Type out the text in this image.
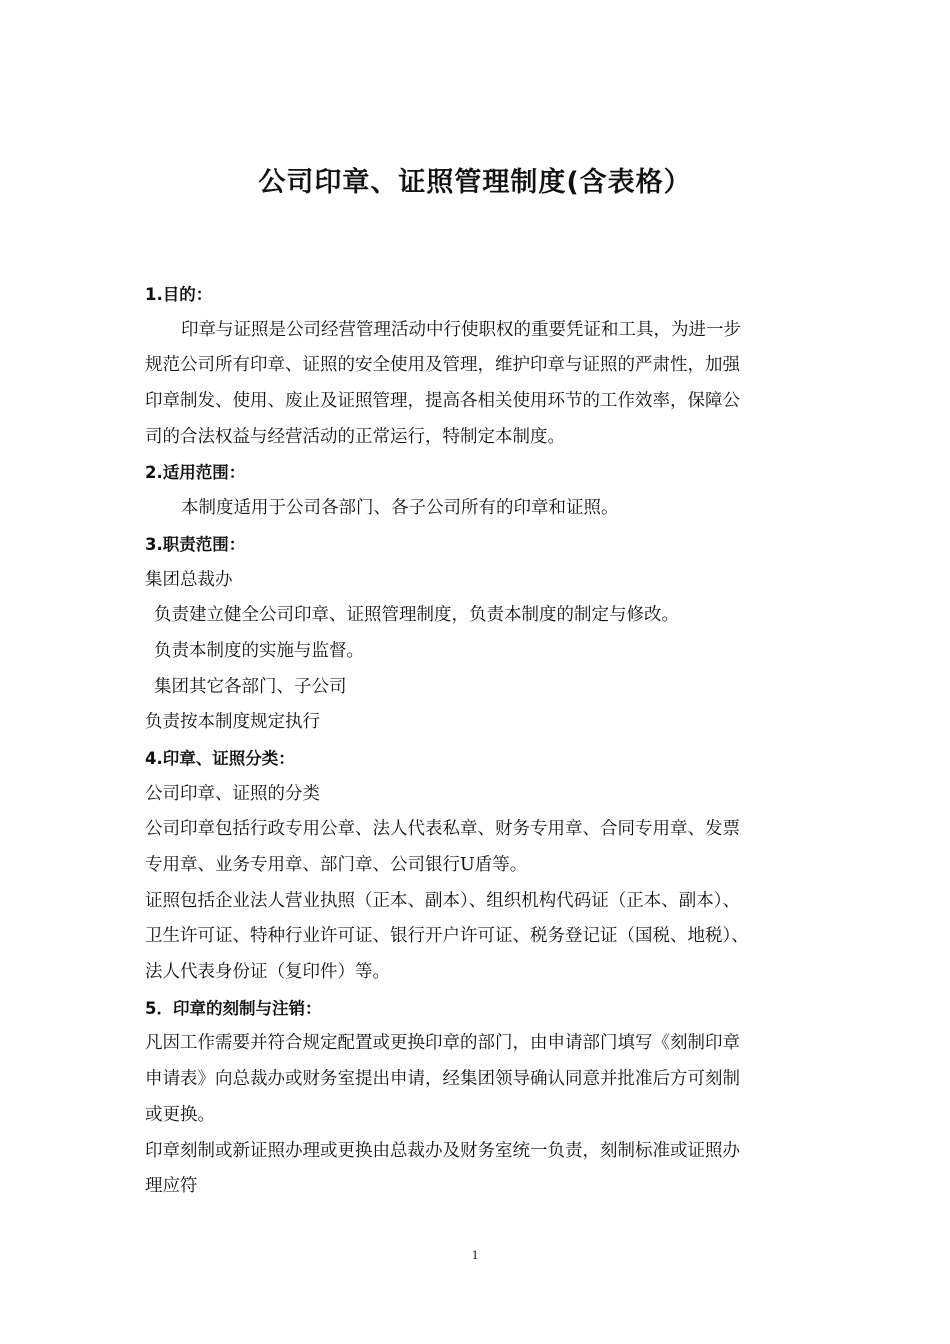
公司印章、证照管理制度(含表格）
1.目的：
印章与证照是公司经营管理活动中行使职权的重要凭证和工具，为进一步
规范公司所有印章、证照的安全使用及管理，维护印章与证照的严肃性，加强
印章制发、使用、废止及证照管理，提高各相关使用环节的工作效率，保障公
司的合法权益与经营活动的正常运行，特制定本制度。
2.适用范围：
本制度适用于公司各部门、各子公司所有的印章和证照。
3.职责范围：
集团总裁办
负责建立健全公司印章、证照管理制度，负责本制度的制定与修改。
负责本制度的实施与监督。
集团其它各部门、子公司
负责按本制度规定执行
4.印章、证照分类：
公司印章、证照的分类
公司印章包括行政专用公章、法人代表私章、财务专用章、合同专用章、发票
专用章、业务专用章、部门章、公司银行U盾等。
证照包括企业法人营业执照（正本、副本）、组织机构代码证（正本、副本）、
卫生许可证、特种行业许可证、银行开户许可证、税务登记证（国税、地税）、
法人代表身份证（复印件）等。
5．印章的刻制与注销：
凡因工作需要并符合规定配置或更换印章的部门，由申请部门填写《刻制印章
申请表》向总裁办或财务室提出申请，经集团领导确认同意并批准后方可刻制
或更换。
印章刻制或新证照办理或更换由总裁办及财务室统一负责，刻制标准或证照办
理应符
1
